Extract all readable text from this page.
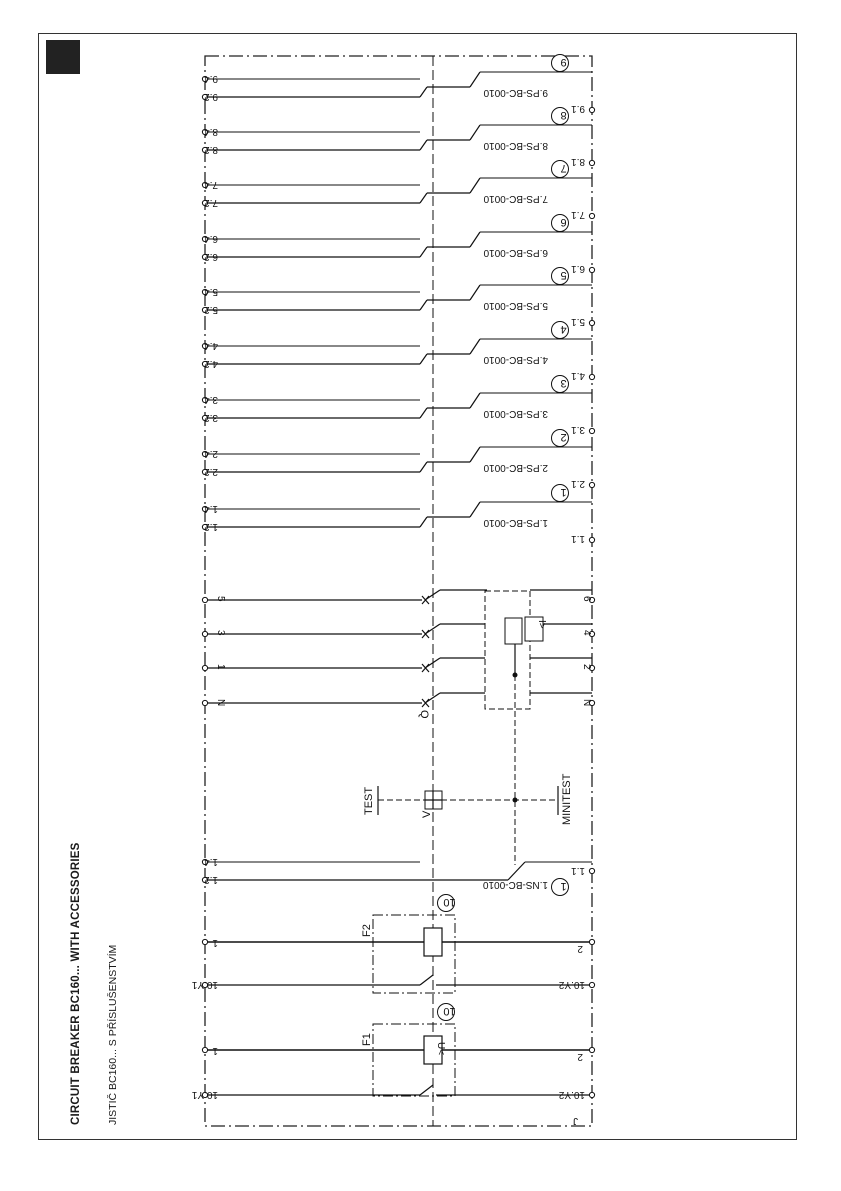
CIRCUIT BREAKER BC160... WITH ACCESSORIES JISTIČ BC160... S PŘÍSLUŠENSTVÍM
1.2
1.4
1.1
1.PS-BC-0010
1
2.2
2.4
2.1
2.PS-BC-0010
2
3.2
3.4
3.1
3.PS-BC-0010
3
4.2
4.4
4.1
4.PS-BC-0010
4
5.2
5.4
5.1
5.PS-BC-0010
5
6.2
6.4
6.1
6.PS-BC-0010
6
7.2
7.4
7.1
7.PS-BC-0010
7
8.2
8.4
8.1
8.PS-BC-0010
8
9.2
9.4
9.1
9.PS-BC-0010
9
5	6
3	4
1	2
N	N
I>
Q
TEST	MINITEST
V
1.2
1.4
1.1
1.NS-BC-0010 1
1
2
10.Y1	10.Y2
F2
10
U<
1
2
10.Y1	10.Y2
F1
10
J
